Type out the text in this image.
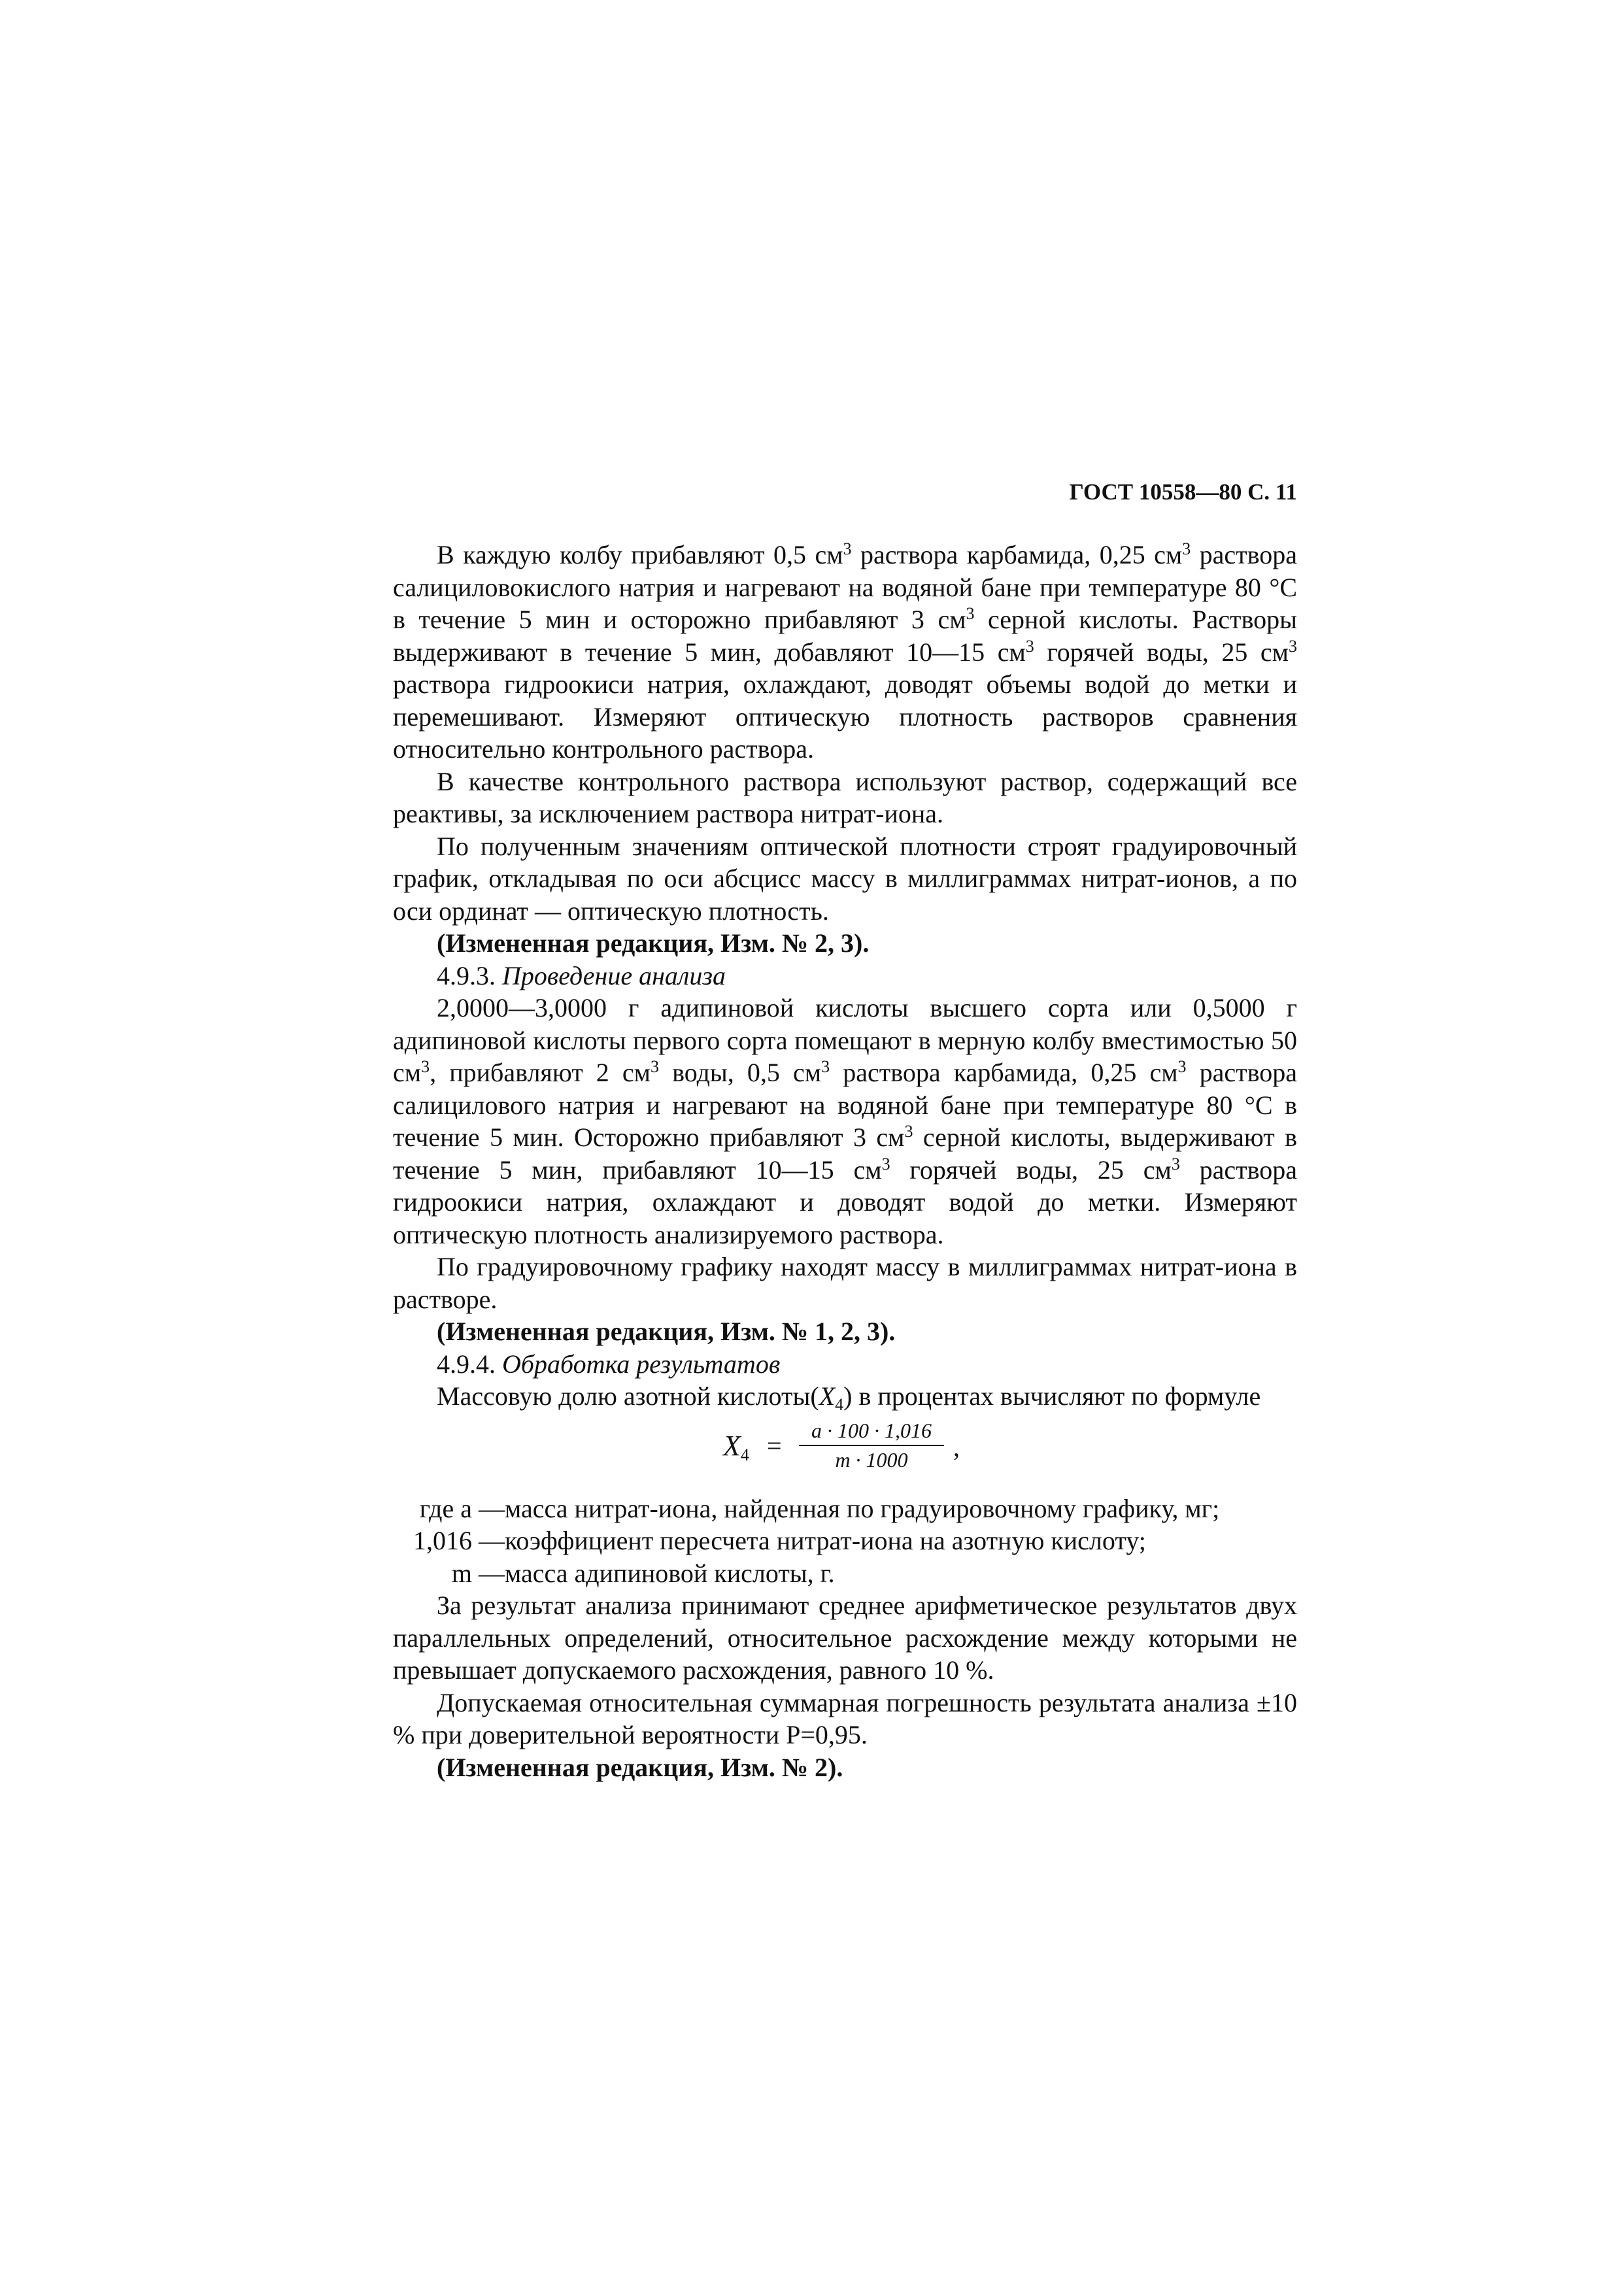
ГОСТ 10558—80 С. 11

В каждую колбу прибавляют 0,5 $см^3$ раствора карбамида, 0,25 $см^3$ раствора салициловокислого натрия и нагревают на водяной бане при температуре 80 °С в течение 5 мин и осторожно прибавляют 3 $см^3$ серной кислоты. Растворы выдерживают в течение 5 мин, добавляют 10—15 $см^3$ горячей воды, 25 $см^3$ раствора гидроокиси натрия, охлаждают, доводят объемы водой до метки и перемешивают. Измеряют оптическую плотность растворов сравнения относительно контрольного раствора.

В качестве контрольного раствора используют раствор, содержащий все реактивы, за исключением раствора нитрат-иона.

По полученным значениям оптической плотности строят градуировочный график, откладывая по оси абсцисс массу в миллиграммах нитрат-ионов, а по оси ординат — оптическую плотность.

(Измененная редакция, Изм. № 2, 3).

4.9.3. Проведение анализа

2,0000—3,0000 г адипиновой кислоты высшего сорта или 0,5000 г адипиновой кислоты первого сорта помещают в мерную колбу вместимостью 50 $см^3$, прибавляют 2 $см^3$ воды, 0,5 $см^3$ раствора карбамида, 0,25 $см^3$ раствора салицилового натрия и нагревают на водяной бане при температуре 80 °С в течение 5 мин. Осторожно прибавляют 3 $см^3$ серной кислоты, выдерживают в течение 5 мин, прибавляют 10—15 $см^3$ горячей воды, 25 $см^3$ раствора гидроокиси натрия, охлаждают и доводят водой до метки. Измеряют оптическую плотность анализируемого раствора.

По градуировочному графику находят массу в миллиграммах нитрат-иона в растворе.

(Измененная редакция, Изм. № 1, 2, 3).

4.9.4. Обработка результатов

Массовую долю азотной $кислоты(X_4)$ в процентах вычисляют по формуле

$X_4$ =
a · 100 · 1,016
m · 1000	,
где a — масса нитрат-иона, найденная по градуировочному графику, мг;
1,016 — коэффициент пересчета нитрат-иона на азотную кислоту;
m — масса адипиновой кислоты, г.

За результат анализа принимают среднее арифметическое результатов двух параллельных определений, относительное расхождение между которыми не превышает допускаемого расхождения, равного 10 %.

Допускаемая относительная суммарная погрешность результата анализа ±10 % при доверительной вероятности P=0,95.

(Измененная редакция, Изм. № 2).
